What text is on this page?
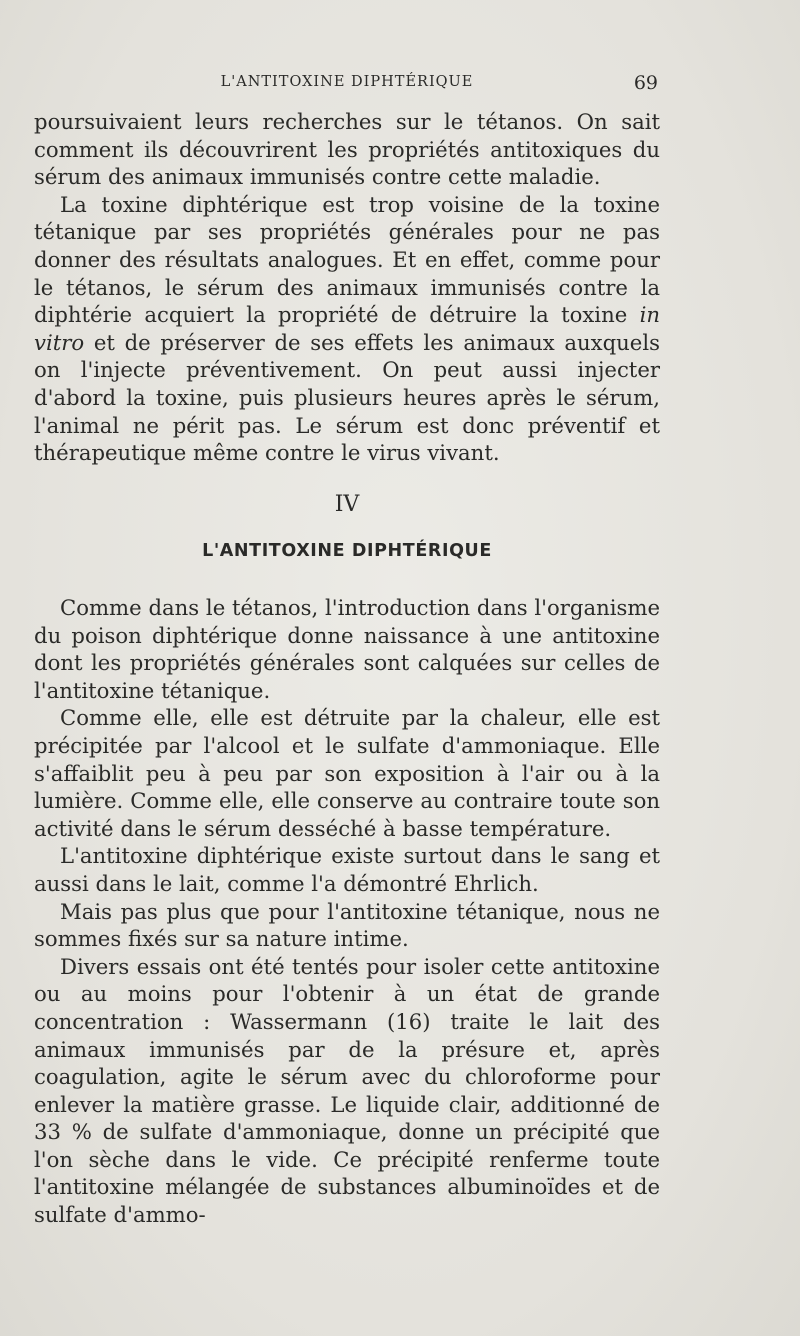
L'ANTITOXINE DIPHTÉRIQUE	69

poursuivaient leurs recherches sur le tétanos. On sait comment ils découvrirent les propriétés antitoxiques du sérum des animaux immunisés contre cette maladie.

La toxine diphtérique est trop voisine de la toxine tétanique par ses propriétés générales pour ne pas donner des résultats analogues. Et en effet, comme pour le tétanos, le sérum des animaux immunisés contre la diphtérie acquiert la propriété de détruire la toxine in vitro et de préserver de ses effets les animaux auxquels on l'injecte préventivement. On peut aussi injecter d'abord la toxine, puis plusieurs heures après le sérum, l'animal ne périt pas. Le sérum est donc préventif et thérapeutique même contre le virus vivant.

IV
L'ANTITOXINE DIPHTÉRIQUE

Comme dans le tétanos, l'introduction dans l'organisme du poison diphtérique donne naissance à une antitoxine dont les propriétés générales sont calquées sur celles de l'antitoxine tétanique.

Comme elle, elle est détruite par la chaleur, elle est précipitée par l'alcool et le sulfate d'ammoniaque. Elle s'affaiblit peu à peu par son exposition à l'air ou à la lumière. Comme elle, elle conserve au contraire toute son activité dans le sérum desséché à basse température.

L'antitoxine diphtérique existe surtout dans le sang et aussi dans le lait, comme l'a démontré Ehrlich.

Mais pas plus que pour l'antitoxine tétanique, nous ne sommes fixés sur sa nature intime.

Divers essais ont été tentés pour isoler cette antitoxine ou au moins pour l'obtenir à un état de grande concentration : Wassermann (16) traite le lait des animaux immunisés par de la présure et, après coagulation, agite le sérum avec du chloroforme pour enlever la matière grasse. Le liquide clair, additionné de 33 % de sulfate d'ammoniaque, donne un précipité que l'on sèche dans le vide. Ce précipité renferme toute l'antitoxine mélangée de substances albuminoïdes et de sulfate d'ammo-
